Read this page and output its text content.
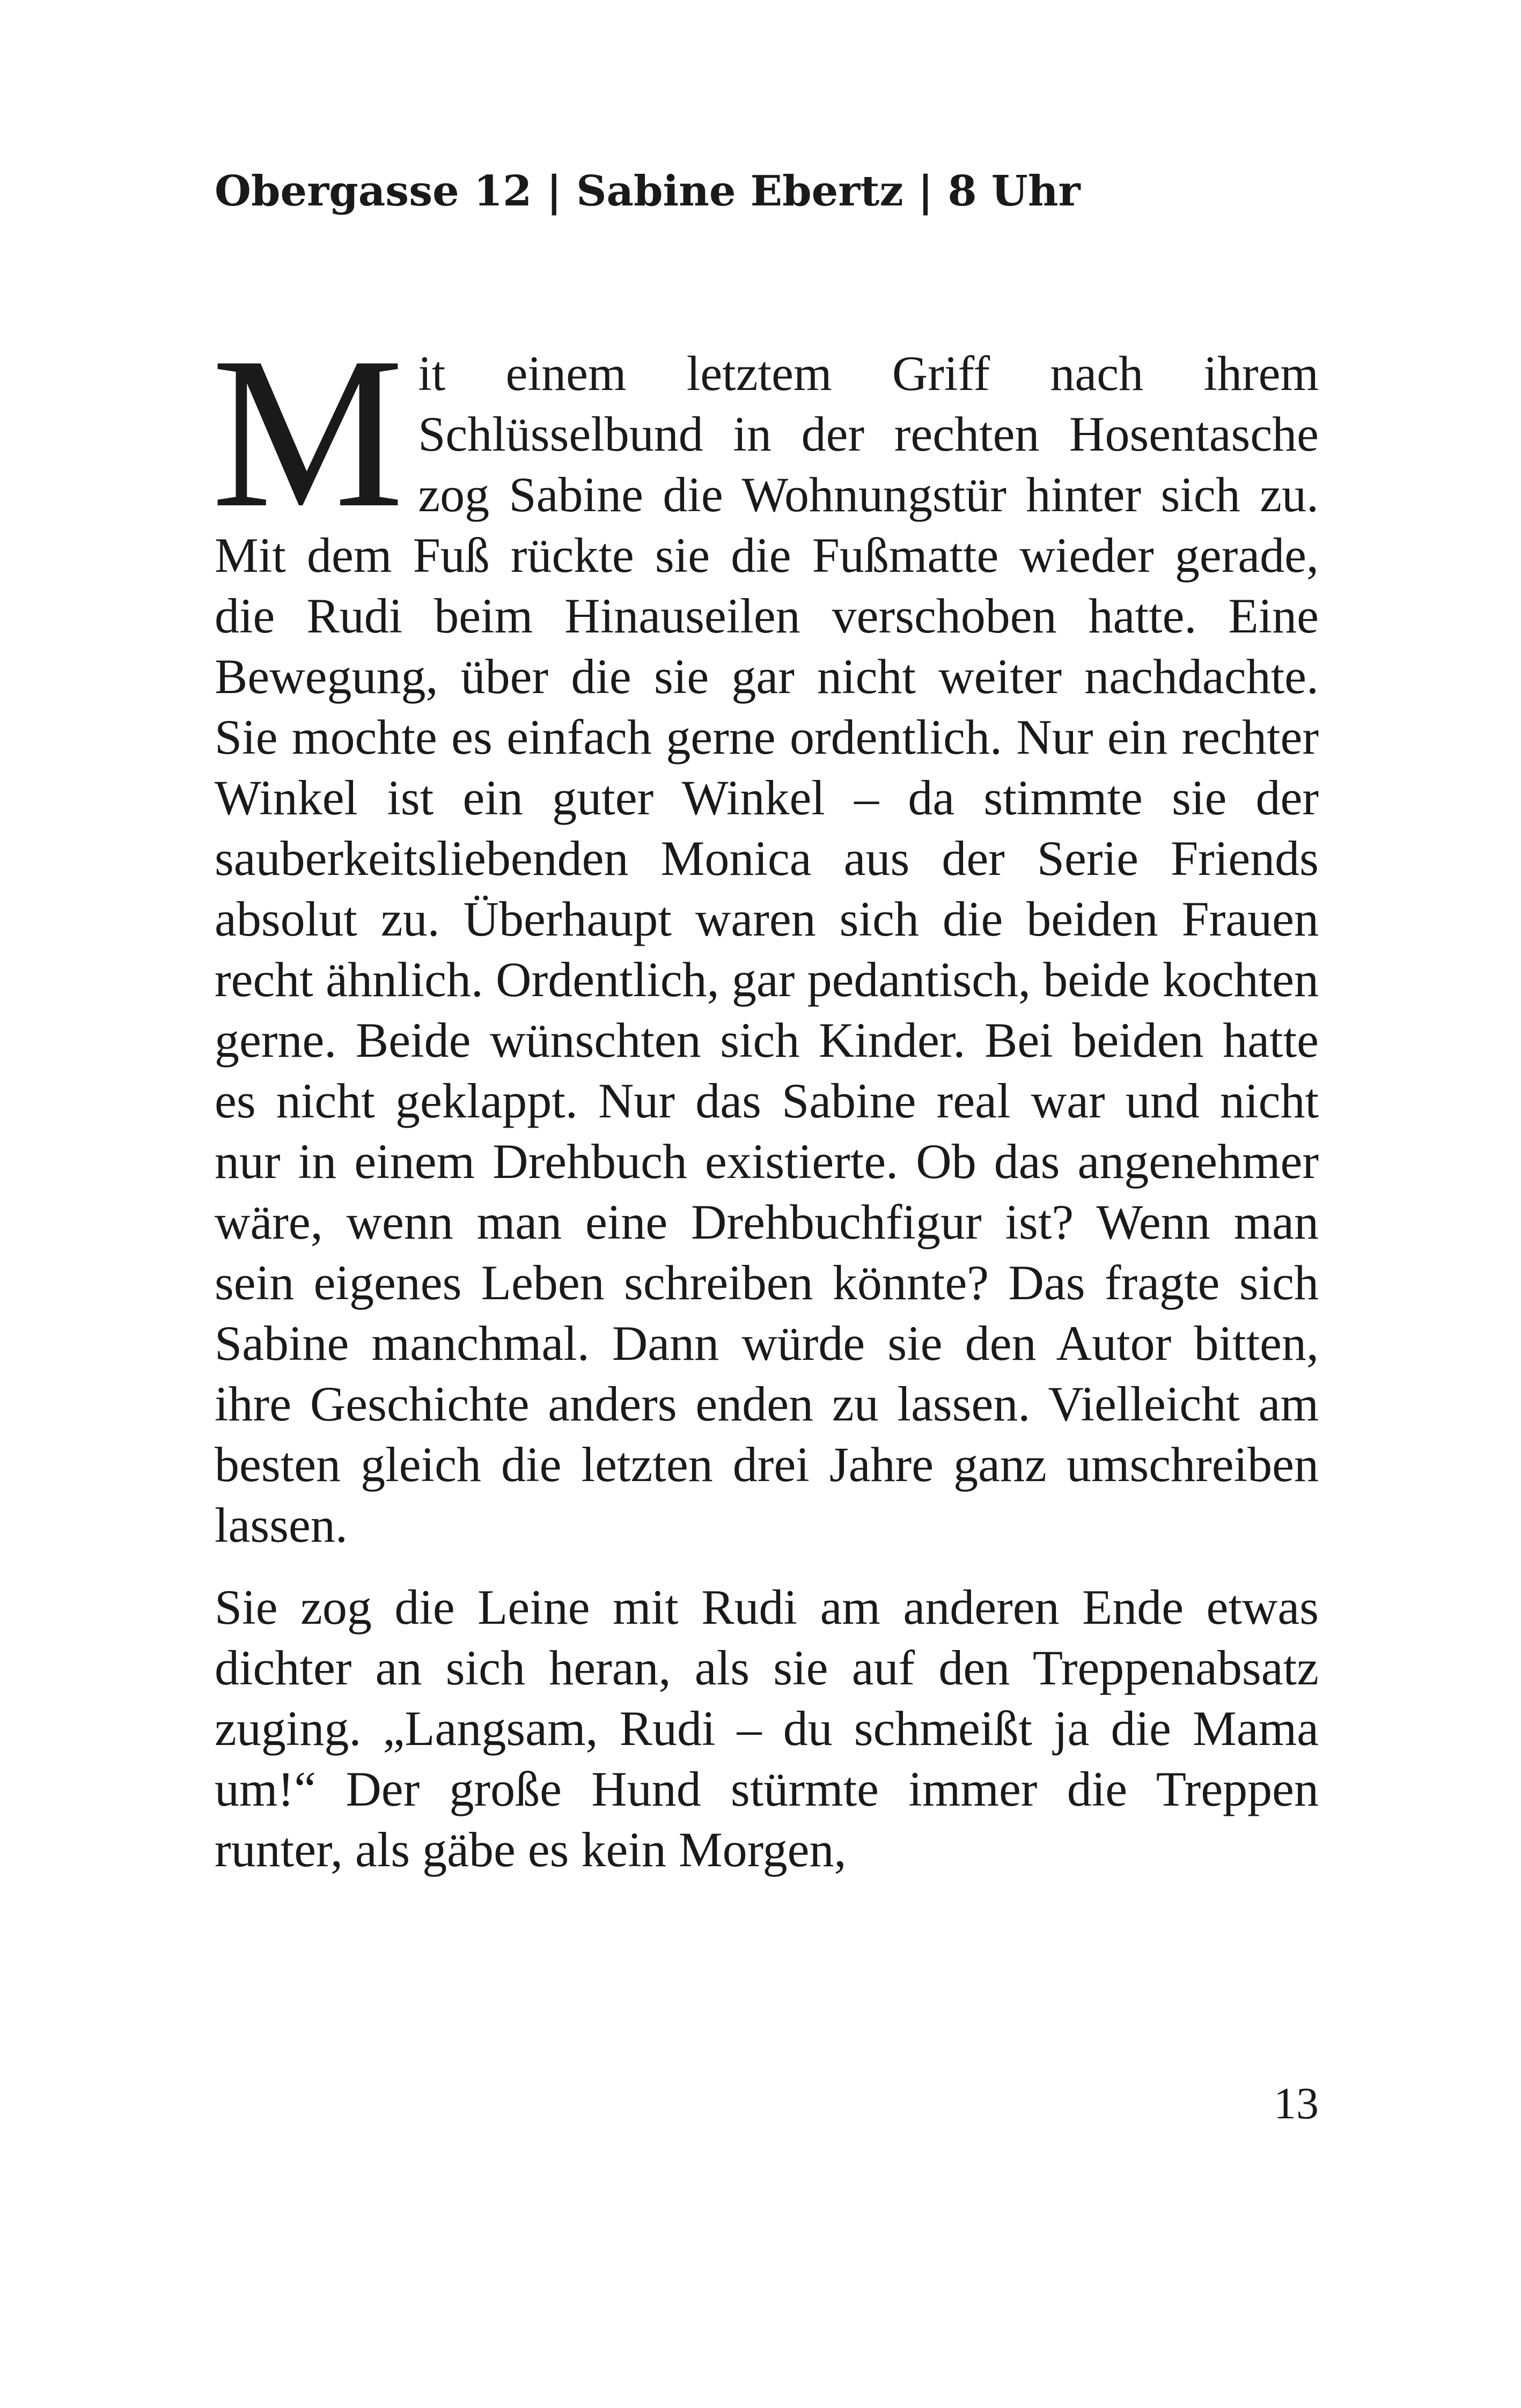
Obergasse 12 | Sabine Ebertz | 8 Uhr

Mit einem letztem Griff nach ihrem Schlüsselbund in der rechten Hosentasche zog Sabine die Wohnungstür hinter sich zu. Mit dem Fuß rückte sie die Fußmatte wieder gerade, die Rudi beim Hinauseilen verschoben hatte. Eine Bewegung, über die sie gar nicht weiter nachdachte. Sie mochte es einfach gerne ordentlich. Nur ein rechter Winkel ist ein guter Winkel – da stimmte sie der sauberkeitsliebenden Monica aus der Serie Friends absolut zu. Überhaupt waren sich die beiden Frauen recht ähnlich. Ordentlich, gar pedantisch, beide kochten gerne. Beide wünschten sich Kinder. Bei beiden hatte es nicht geklappt. Nur das Sabine real war und nicht nur in einem Drehbuch existierte. Ob das angenehmer wäre, wenn man eine Drehbuchfigur ist? Wenn man sein eigenes Leben schreiben könnte? Das fragte sich Sabine manchmal. Dann würde sie den Autor bitten, ihre Geschichte anders enden zu lassen. Vielleicht am besten gleich die letzten drei Jahre ganz umschreiben lassen.

Sie zog die Leine mit Rudi am anderen Ende etwas dichter an sich heran, als sie auf den Treppenabsatz zuging. „Langsam, Rudi – du schmeißt ja die Mama um!“ Der große Hund stürmte immer die Treppen runter, als gäbe es kein Morgen,

13
